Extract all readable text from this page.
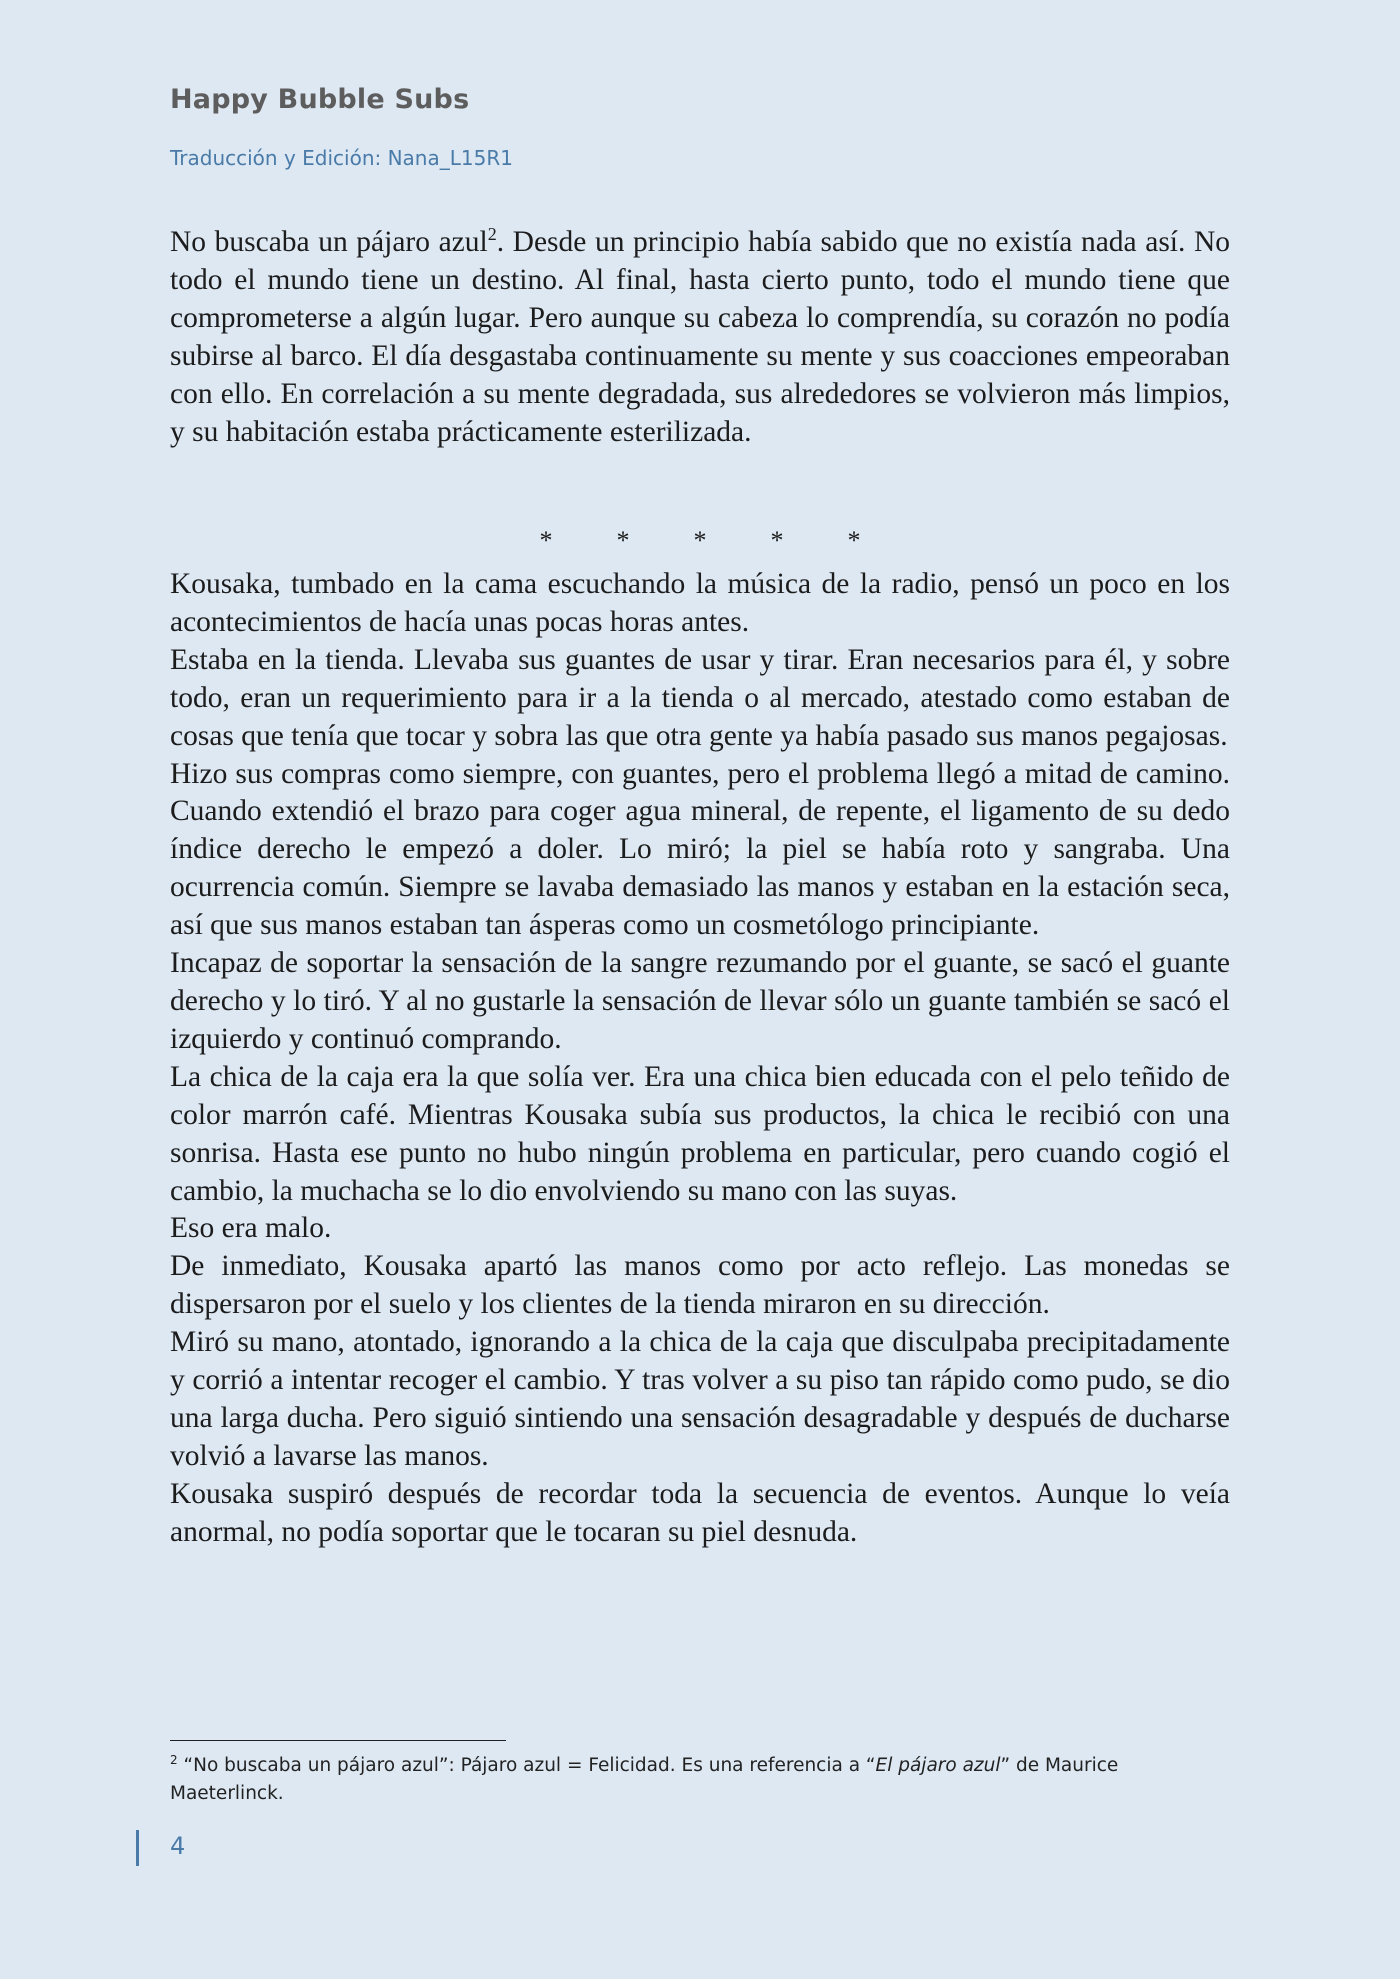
Happy Bubble Subs
Traducción y Edición: Nana_L15R1

No buscaba un pájaro azul$^2$. Desde un principio había sabido que no existía nada así. No todo el mundo tiene un destino. Al final, hasta cierto punto, todo el mundo tiene que comprometerse a algún lugar. Pero aunque su cabeza lo comprendía, su corazón no podía subirse al barco. El día desgastaba continuamente su mente y sus coacciones empeoraban con ello. En correlación a su mente degradada, sus alrededores se volvieron más limpios, y su habitación estaba prácticamente esterilizada.

* * * * *

Kousaka, tumbado en la cama escuchando la música de la radio, pensó un poco en los acontecimientos de hacía unas pocas horas antes.

Estaba en la tienda. Llevaba sus guantes de usar y tirar. Eran necesarios para él, y sobre todo, eran un requerimiento para ir a la tienda o al mercado, atestado como estaban de cosas que tenía que tocar y sobra las que otra gente ya había pasado sus manos pegajosas.

Hizo sus compras como siempre, con guantes, pero el problema llegó a mitad de camino. Cuando extendió el brazo para coger agua mineral, de repente, el ligamento de su dedo índice derecho le empezó a doler. Lo miró; la piel se había roto y sangraba. Una ocurrencia común. Siempre se lavaba demasiado las manos y estaban en la estación seca, así que sus manos estaban tan ásperas como un cosmetólogo principiante.

Incapaz de soportar la sensación de la sangre rezumando por el guante, se sacó el guante derecho y lo tiró. Y al no gustarle la sensación de llevar sólo un guante también se sacó el izquierdo y continuó comprando.

La chica de la caja era la que solía ver. Era una chica bien educada con el pelo teñido de color marrón café. Mientras Kousaka subía sus productos, la chica le recibió con una sonrisa. Hasta ese punto no hubo ningún problema en particular, pero cuando cogió el cambio, la muchacha se lo dio envolviendo su mano con las suyas.

Eso era malo.

De inmediato, Kousaka apartó las manos como por acto reflejo. Las monedas se dispersaron por el suelo y los clientes de la tienda miraron en su dirección.

Miró su mano, atontado, ignorando a la chica de la caja que disculpaba precipitadamente y corrió a intentar recoger el cambio. Y tras volver a su piso tan rápido como pudo, se dio una larga ducha. Pero siguió sintiendo una sensación desagradable y después de ducharse volvió a lavarse las manos.

Kousaka suspiró después de recordar toda la secuencia de eventos. Aunque lo veía anormal, no podía soportar que le tocaran su piel desnuda.

$^2$ “No buscaba un pájaro azul”: Pájaro azul = Felicidad. Es una referencia a “El pájaro azul” de Maurice Maeterlinck.
4
